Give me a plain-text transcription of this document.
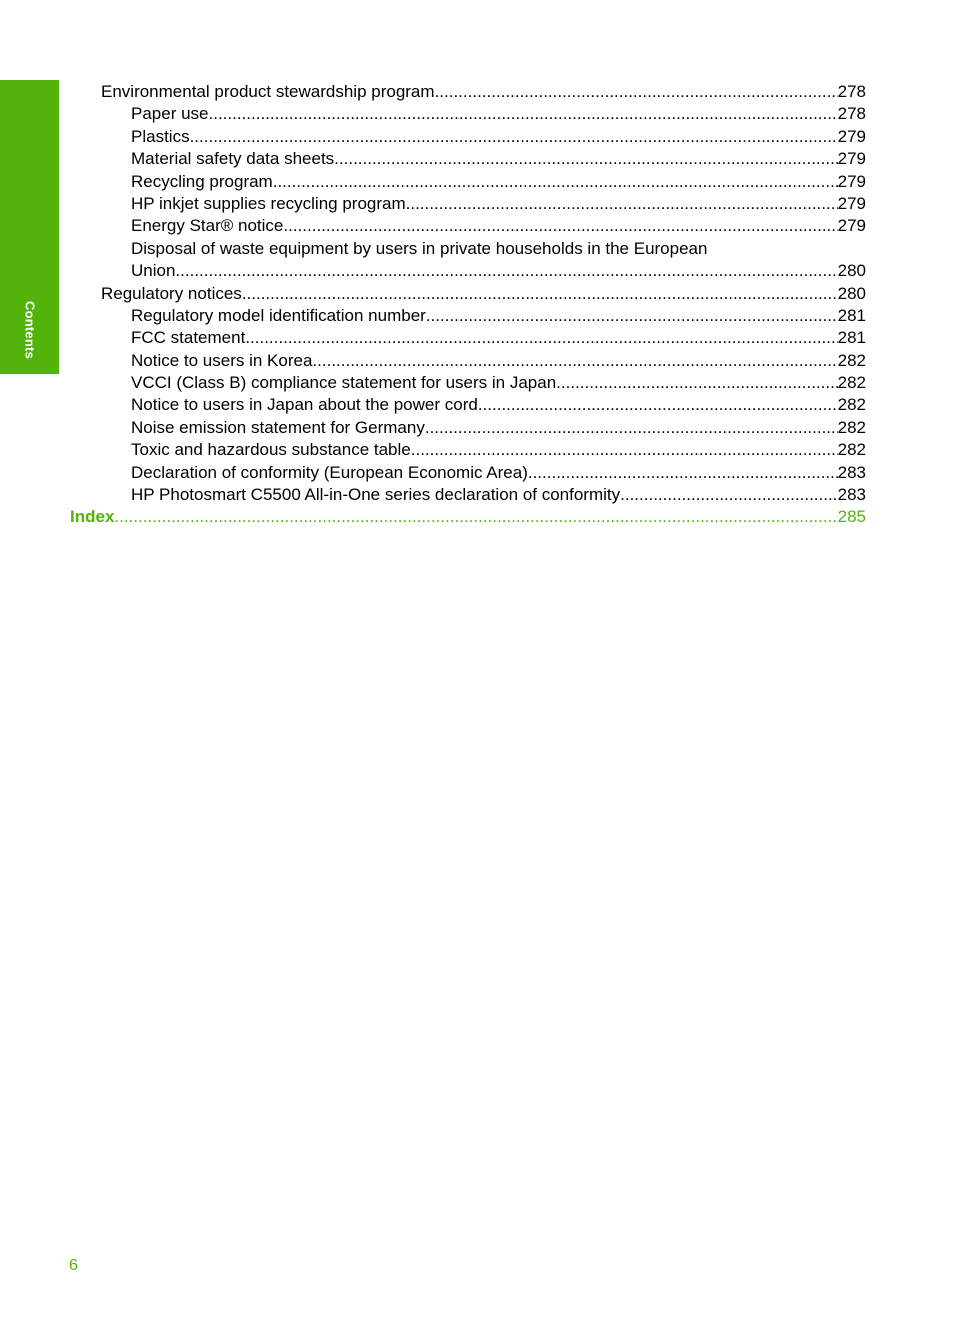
Contents
Environmental product stewardship program .....	278
Paper use .....	278
Plastics .....	279
Material safety data sheets .....	279
Recycling program .....	279
HP inkjet supplies recycling program .....	279
Energy Star® notice .....	279
Disposal of waste equipment by users in private households in the European
Union .....	280
Regulatory notices .....	280
Regulatory model identification number .....	281
FCC statement .....	281
Notice to users in Korea .....	282
VCCI (Class B) compliance statement for users in Japan .....	282
Notice to users in Japan about the power cord .....	282
Noise emission statement for Germany .....	282
Toxic and hazardous substance table .....	282
Declaration of conformity (European Economic Area) .....	283
HP Photosmart C5500 All-in-One series declaration of conformity .....	283
Index .....	285
6
